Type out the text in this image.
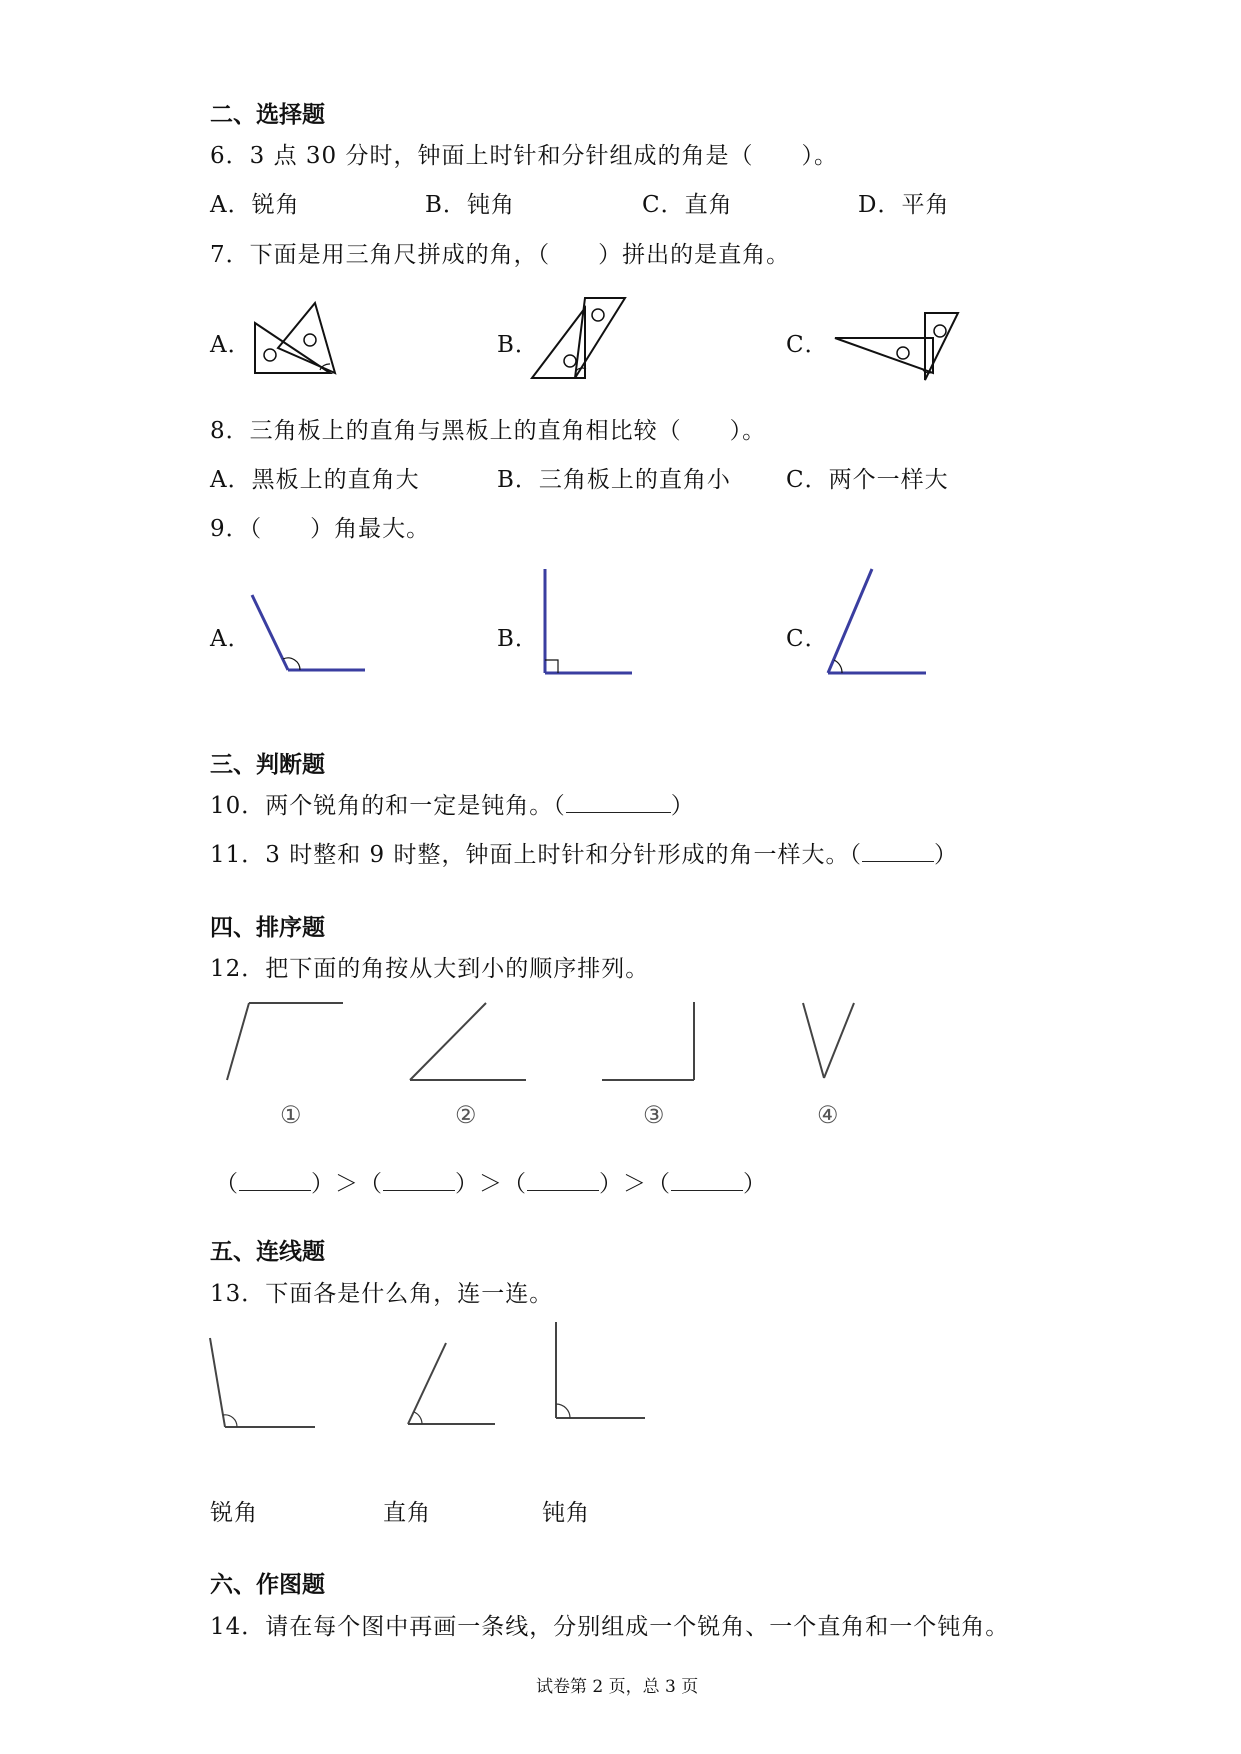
二、选择题
6．3 点 30 分时，钟面上时针和分针组成的角是（　　）。
A．锐角	B．钝角	C．直角	D．平角
7．下面是用三角尺拼成的角，（　　）拼出的是直角。
A．	B．	C．
8．三角板上的直角与黑板上的直角相比较（　　）。
A．黑板上的直角大	B．三角板上的直角小 C．两个一样大
9．（　　）角最大。
A．	B．	C．
三、判断题
10．两个锐角的和一定是钝角。（	）
11．3 时整和 9 时整，钟面上时针和分针形成的角一样大。（	）
四、排序题
12．把下面的角按从大到小的顺序排列。
①	②	③	④
（	）＞（	）＞（	）＞（	）
五、连线题
13．下面各是什么角，连一连。
锐角	直角	钝角
六、作图题
14．请在每个图中再画一条线，分别组成一个锐角、一个直角和一个钝角。
试卷第 2 页，总 3 页
